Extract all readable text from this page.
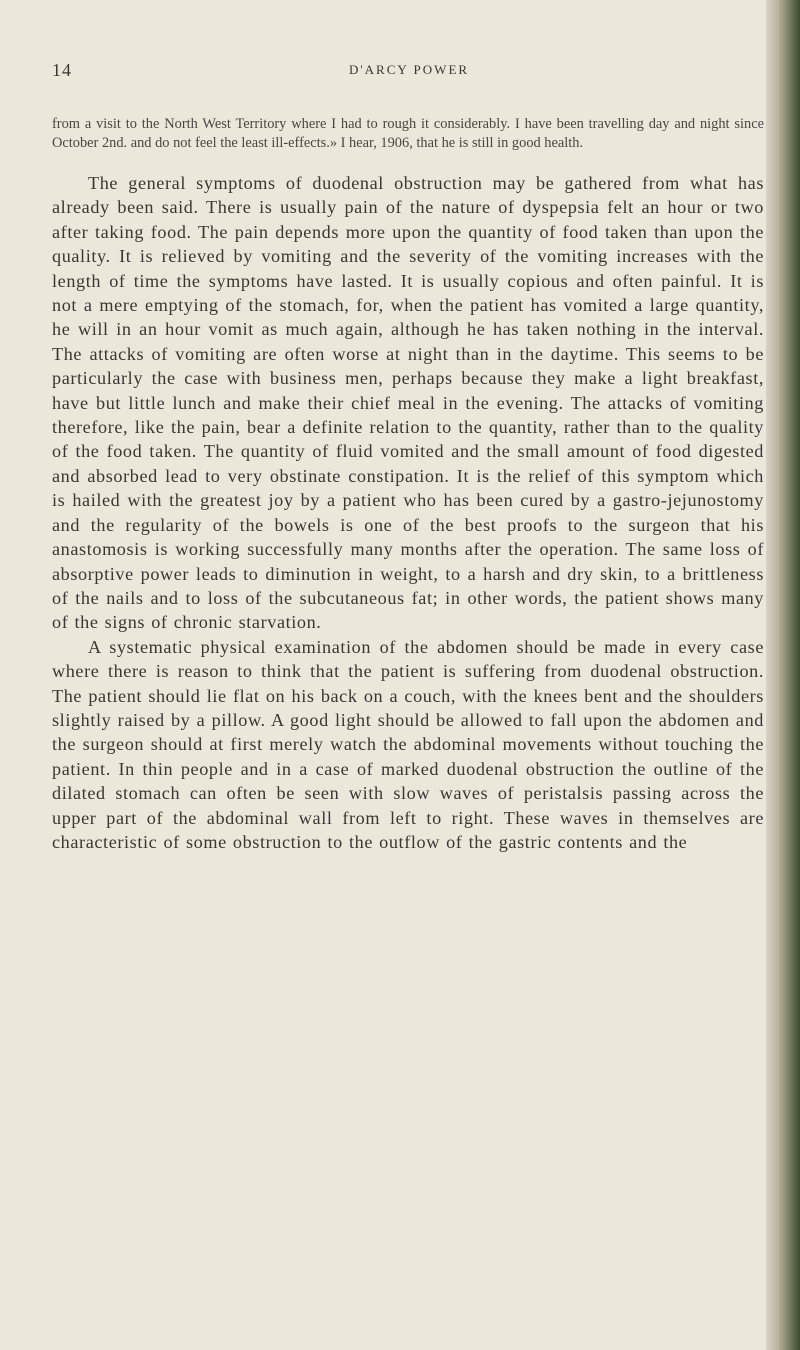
14	D'ARCY POWER

from a visit to the North West Territory where I had to rough it considerably. I have been travelling day and night since October 2nd. and do not feel the least ill-effects.» I hear, 1906, that he is still in good health.

The general symptoms of duodenal obstruction may be gathered from what has already been said. There is usually pain of the nature of dyspepsia felt an hour or two after taking food. The pain depends more upon the quantity of food taken than upon the quality. It is relieved by vomiting and the severity of the vomiting increases with the length of time the symptoms have lasted. It is usually copious and often painful. It is not a mere emptying of the stomach, for, when the patient has vomited a large quantity, he will in an hour vomit as much again, although he has taken nothing in the interval. The attacks of vomiting are often worse at night than in the daytime. This seems to be particularly the case with business men, perhaps because they make a light breakfast, have but little lunch and make their chief meal in the evening. The attacks of vomiting therefore, like the pain, bear a definite relation to the quantity, rather than to the quality of the food taken. The quantity of fluid vomited and the small amount of food digested and absorbed lead to very obstinate constipation. It is the relief of this symptom which is hailed with the greatest joy by a patient who has been cured by a gastro-jejunostomy and the regularity of the bowels is one of the best proofs to the surgeon that his anastomosis is working successfully many months after the operation. The same loss of absorptive power leads to diminution in weight, to a harsh and dry skin, to a brittleness of the nails and to loss of the subcutaneous fat; in other words, the patient shows many of the signs of chronic starvation.

A systematic physical examination of the abdomen should be made in every case where there is reason to think that the patient is suffering from duodenal obstruction. The patient should lie flat on his back on a couch, with the knees bent and the shoulders slightly raised by a pillow. A good light should be allowed to fall upon the abdomen and the surgeon should at first merely watch the abdominal movements without touching the patient. In thin people and in a case of marked duodenal obstruction the outline of the dilated stomach can often be seen with slow waves of peristalsis passing across the upper part of the abdominal wall from left to right. These waves in themselves are characteristic of some obstruction to the outflow of the gastric contents and the
